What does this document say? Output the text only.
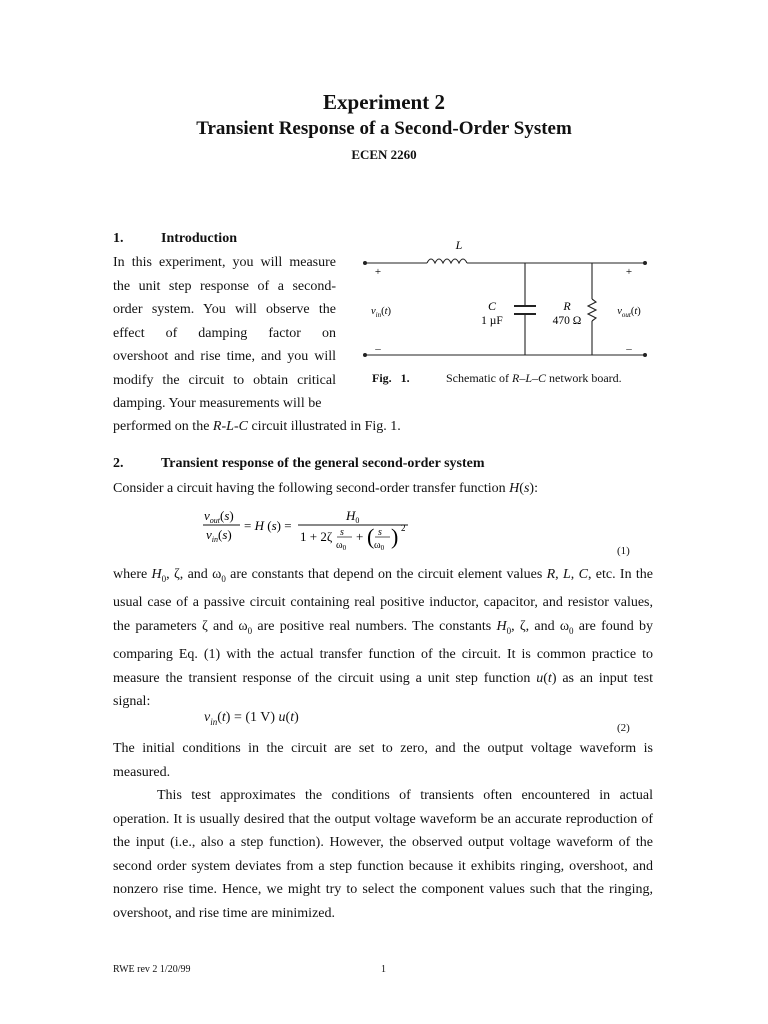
Experiment 2
Transient Response of a Second-Order System
ECEN 2260
1.	Introduction
In this experiment, you will measure
the unit step response of a second-
order system. You will observe the
effect of damping factor on
overshoot and rise time, and you will
modify the circuit to obtain critical
damping. Your measurements will be
performed on the R-L-C circuit illustrated in Fig. 1.
L
+
–
+
–
$v_{in}(t)$	$v_{out}(t)$
C
1 µF
R
470 Ω
Fig. 1.	Schematic of R–L–C network board.
2.	Transient response of the general second-order system
Consider a circuit having the following second-order transfer function H(s):
$v_{out}(s)$
$v_{in}(s)$
= H (s) =
$H_0$
1 + 2ζ s
$\omega_0$
+ ( s
$\omega_0$ ) 2
(1)
where $H_0$, ζ, and $\omega_0$ are constants that depend on the circuit element values R, L, C, etc. In the usual case of a passive circuit containing real positive inductor, capacitor, and resistor values, the parameters ζ and $\omega_0$ are positive real numbers. The constants $H_0$, ζ, and $\omega_0$ are found by comparing Eq. (1) with the actual transfer function of the circuit. It is common practice to measure the transient response of the circuit using a unit step function u(t) as an input test signal:
$v_{in}(t) = (1$ V) u(t)
(2)
The initial conditions in the circuit are set to zero, and the output voltage waveform is measured.
This test approximates the conditions of transients often encountered in actual operation. It is usually desired that the output voltage waveform be an accurate reproduction of the input (i.e., also a step function). However, the observed output voltage waveform of the second order system deviates from a step function because it exhibits ringing, overshoot, and nonzero rise time. Hence, we might try to select the component values such that the ringing, overshoot, and rise time are minimized.
RWE rev 2 1/20/99	1
